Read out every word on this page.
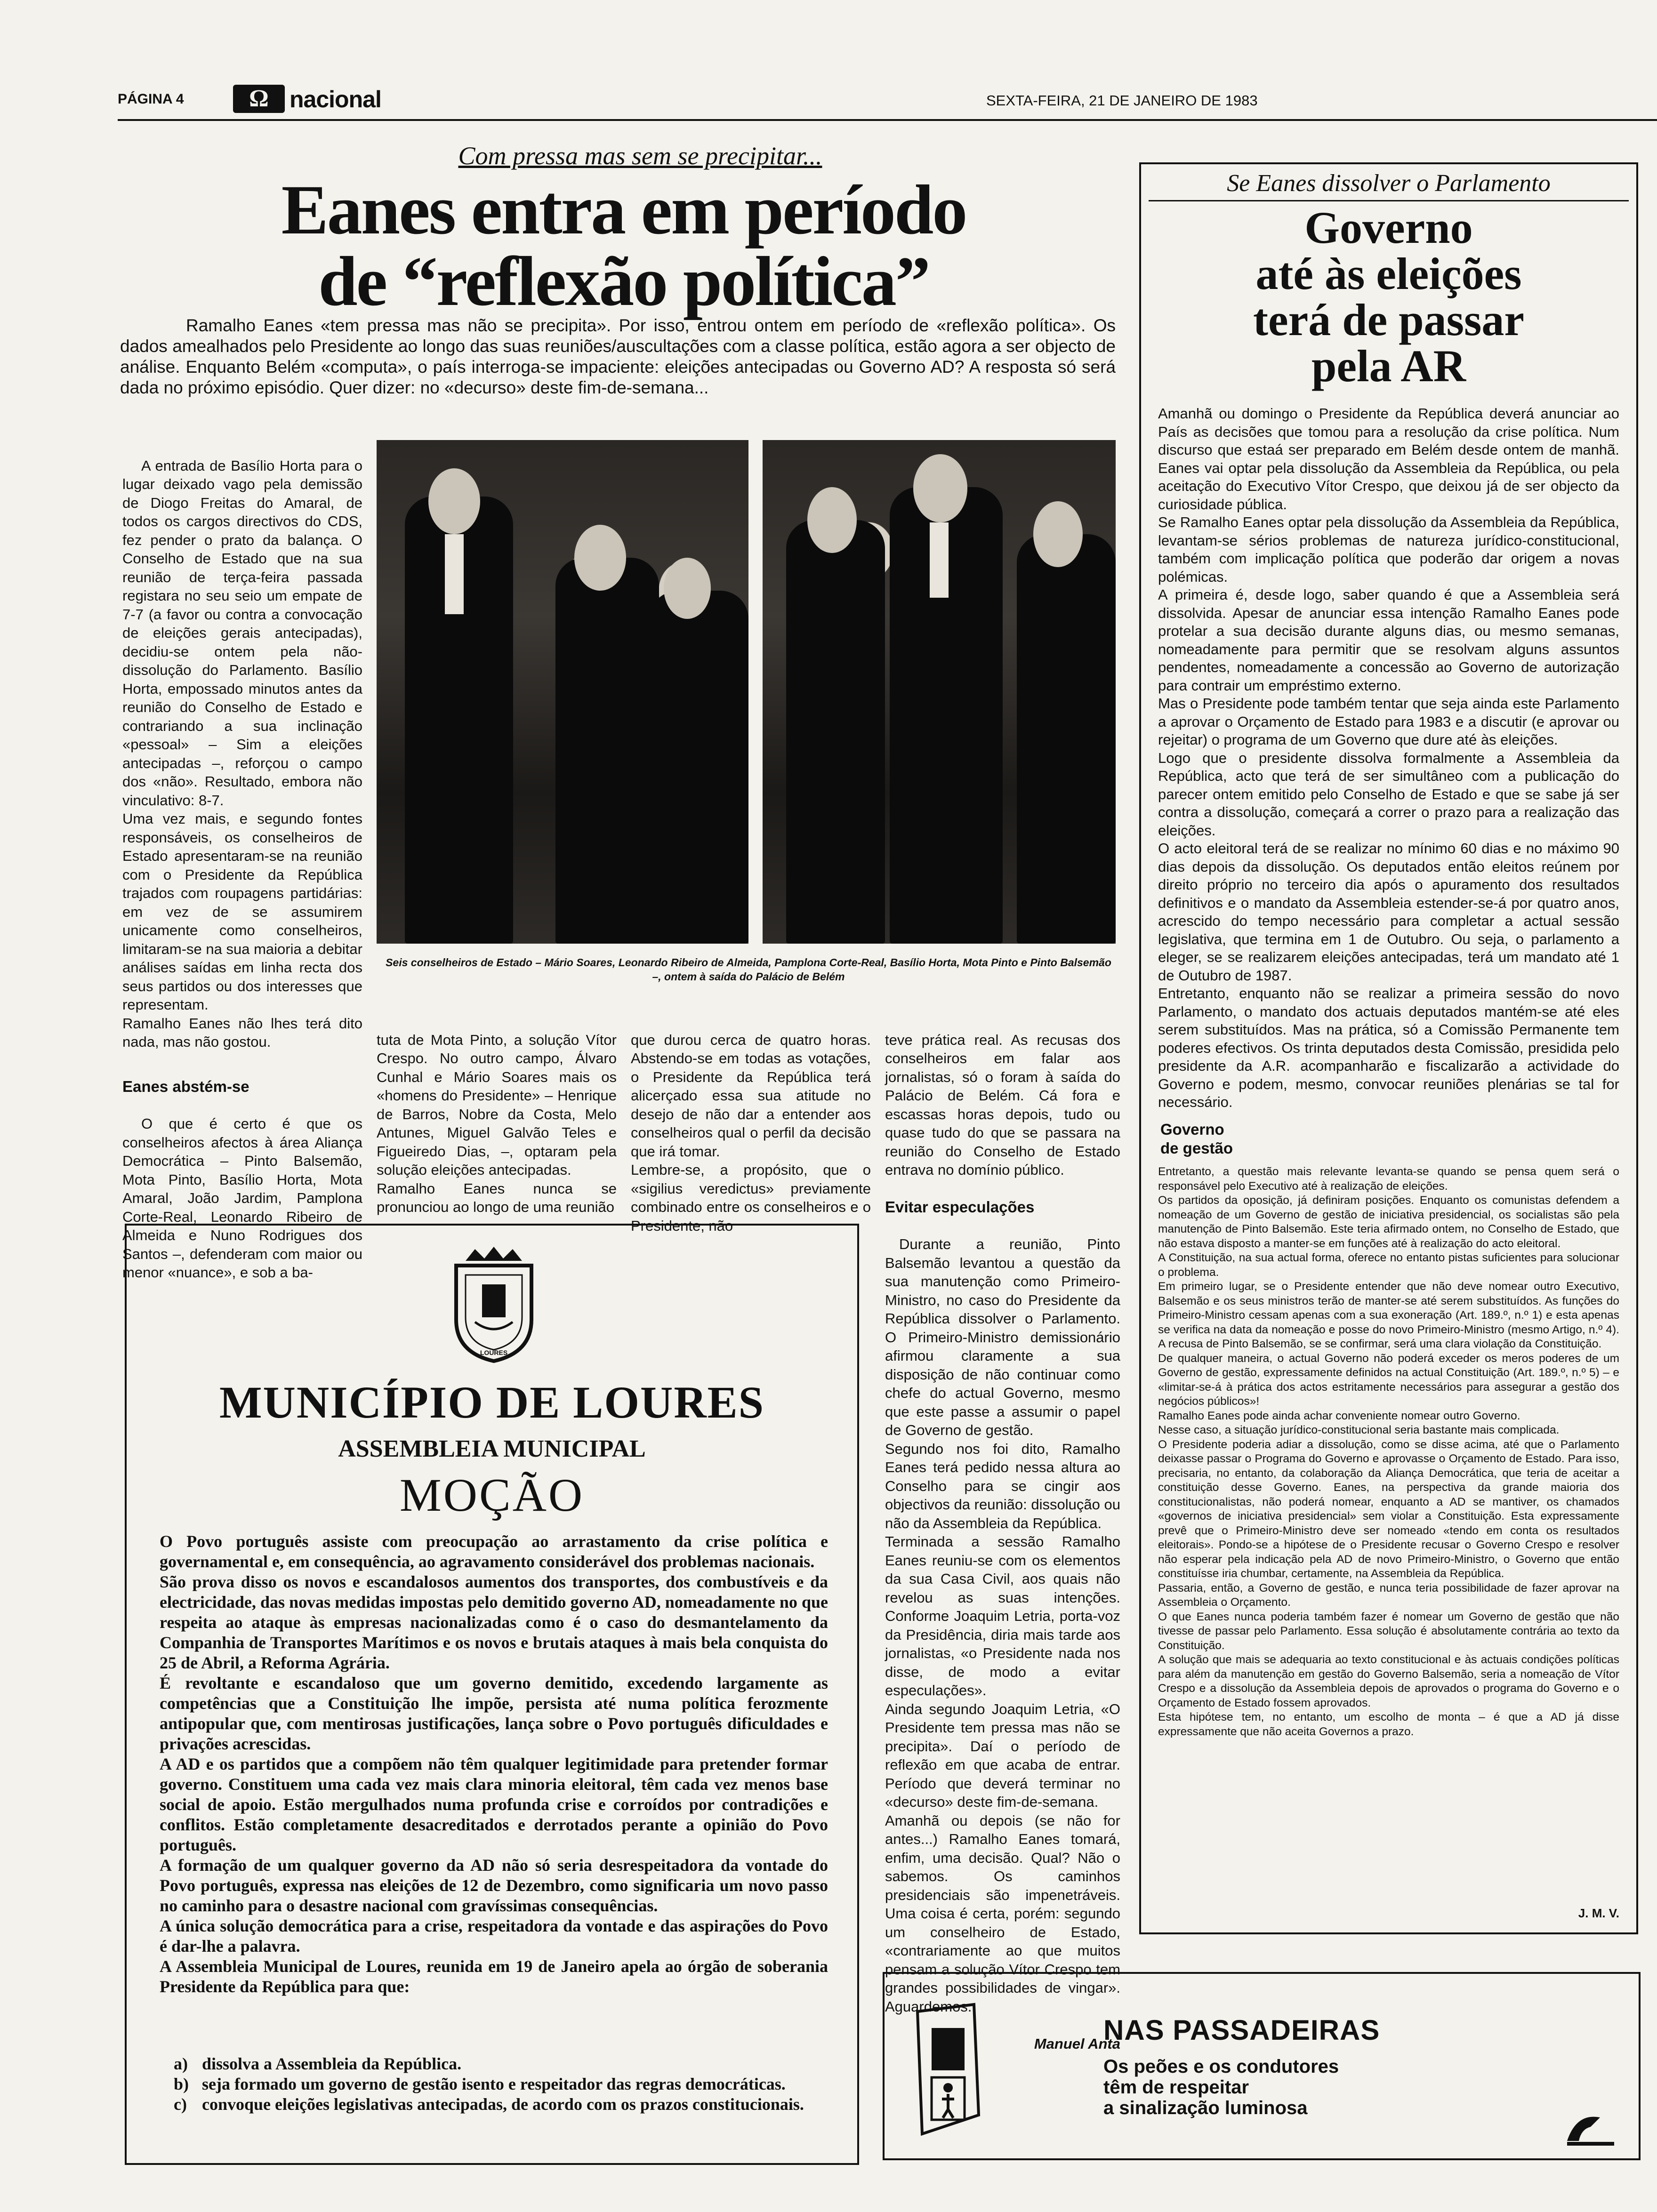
PÁGINA 4	Ω nacional	SEXTA-FEIRA, 21 DE JANEIRO DE 1983
Com pressa mas sem se precipitar...
Eanes entra em período
de “reflexão política”
Ramalho Eanes «tem pressa mas não se precipita». Por isso, entrou ontem em período de «reflexão política». Os dados amealhados pelo Presidente ao longo das suas reuniões/auscultações com a classe política, estão agora a ser objecto de análise. Enquanto Belém «computa», o país interroga-se impaciente: eleições antecipadas ou Governo AD? A resposta só será dada no próximo episódio. Quer dizer: no «decurso» deste fim-de-semana...

A entrada de Basílio Horta para o lugar deixado vago pela demissão de Diogo Freitas do Amaral, de todos os cargos directivos do CDS, fez pender o prato da balança. O Conselho de Estado que na sua reunião de terça-feira passada registara no seu seio um empate de 7-7 (a favor ou contra a convocação de eleições gerais antecipadas), decidiu-se ontem pela não-dissolução do Parlamento. Basílio Horta, empossado minutos antes da reunião do Conselho de Estado e contrariando a sua inclinação «pessoal» – Sim a eleições antecipadas –, reforçou o campo dos «não». Resultado, embora não vinculativo: 8-7.
Uma vez mais, e segundo fontes responsáveis, os conselheiros de Estado apresentaram-se na reunião com o Presidente da República trajados com roupagens partidárias: em vez de se assumirem unicamente como conselheiros, limitaram-se na sua maioria a debitar análises saídas em linha recta dos seus partidos ou dos interesses que representam.
Ramalho Eanes não lhes terá dito nada, mas não gostou.

Eanes abstém-se

O que é certo é que os conselheiros afectos à área Aliança Democrática – Pinto Balsemão, Mota Pinto, Basílio Horta, Mota Amaral, João Jardim, Pamplona Corte-Real, Leonardo Ribeiro de Almeida e Nuno Rodrigues dos Santos –, defenderam com maior ou menor «nuance», e sob a ba-

Seis conselheiros de Estado – Mário Soares, Leonardo Ribeiro de Almeida, Pamplona Corte-Real, Basílio Horta, Mota Pinto e Pinto Balsemão –, ontem à saída do Palácio de Belém

tuta de Mota Pinto, a solução Vítor Crespo. No outro campo, Álvaro Cunhal e Mário Soares mais os «homens do Presidente» – Henrique de Barros, Nobre da Costa, Melo Antunes, Miguel Galvão Teles e Figueiredo Dias, –, optaram pela solução eleições antecipadas.
Ramalho Eanes nunca se pronunciou ao longo de uma reunião

que durou cerca de quatro horas. Abstendo-se em todas as votações, o Presidente da República terá alicerçado essa sua atitude no desejo de não dar a entender aos conselheiros qual o perfil da decisão que irá tomar.
Lembre-se, a propósito, que o «sigilius veredictus» previamente combinado entre os conselheiros e o Presidente, não

teve prática real. As recusas dos conselheiros em falar aos jornalistas, só o foram à saída do Palácio de Belém. Cá fora e escassas horas depois, tudo ou quase tudo do que se passara na reunião do Conselho de Estado entrava no domínio público.

Evitar especulações

Durante a reunião, Pinto Balsemão levantou a questão da sua manutenção como Primeiro-Ministro, no caso do Presidente da República dissolver o Parlamento. O Primeiro-Ministro demissionário afirmou claramente a sua disposição de não continuar como chefe do actual Governo, mesmo que este passe a assumir o papel de Governo de gestão.
Segundo nos foi dito, Ramalho Eanes terá pedido nessa altura ao Conselho para se cingir aos objectivos da reunião: dissolução ou não da Assembleia da República.
Terminada a sessão Ramalho Eanes reuniu-se com os elementos da sua Casa Civil, aos quais não revelou as suas intenções. Conforme Joaquim Letria, porta-voz da Presidência, diria mais tarde aos jornalistas, «o Presidente nada nos disse, de modo a evitar especulações».
Ainda segundo Joaquim Letria, «O Presidente tem pressa mas não se precipita». Daí o período de reflexão em que acaba de entrar. Período que deverá terminar no «decurso» deste fim-de-semana.
Amanhã ou depois (se não for antes...) Ramalho Eanes tomará, enfim, uma decisão. Qual? Não o sabemos. Os caminhos presidenciais são impenetráveis. Uma coisa é certa, porém: segundo um conselheiro de Estado, «contrariamente ao que muitos pensam a solução Vítor Crespo tem grandes possibilidades de vingar». Aguardemos.

Manuel Anta

LOURES
MUNICÍPIO DE LOURES
ASSEMBLEIA MUNICIPAL
MOÇÃO
O Povo português assiste com preocupação ao arrastamento da crise política e governamental e, em consequência, ao agravamento considerável dos problemas nacionais.
São prova disso os novos e escandalosos aumentos dos transportes, dos combustíveis e da electricidade, das novas medidas impostas pelo demitido governo AD, nomeadamente no que respeita ao ataque às empresas nacionalizadas como é o caso do desmantelamento da Companhia de Transportes Marítimos e os novos e brutais ataques à mais bela conquista do 25 de Abril, a Reforma Agrária.
É revoltante e escandaloso que um governo demitido, excedendo largamente as competências que a Constituição lhe impõe, persista até numa política ferozmente antipopular que, com mentirosas justificações, lança sobre o Povo português dificuldades e privações acrescidas.
A AD e os partidos que a compõem não têm qualquer legitimidade para pretender formar governo. Constituem uma cada vez mais clara minoria eleitoral, têm cada vez menos base social de apoio. Estão mergulhados numa profunda crise e corroídos por contradições e conflitos. Estão completamente desacreditados e derrotados perante a opinião do Povo português.
A formação de um qualquer governo da AD não só seria desrespeitadora da vontade do Povo português, expressa nas eleições de 12 de Dezembro, como significaria um novo passo no caminho para o desastre nacional com gravíssimas consequências.
A única solução democrática para a crise, respeitadora da vontade e das aspirações do Povo é dar-lhe a palavra.
A Assembleia Municipal de Loures, reunida em 19 de Janeiro apela ao órgão de soberania Presidente da República para que:
a) dissolva a Assembleia da República.
b) seja formado um governo de gestão isento e respeitador das regras democráticas.
c) convoque eleições legislativas antecipadas, de acordo com os prazos constitucionais.
Se Eanes dissolver o Parlamento
Governo
até às eleições
terá de passar
pela AR
Amanhã ou domingo o Presidente da República deverá anunciar ao País as decisões que tomou para a resolução da crise política. Num discurso que estaá ser preparado em Belém desde ontem de manhã. Eanes vai optar pela dissolução da Assembleia da República, ou pela aceitação do Executivo Vítor Crespo, que deixou já de ser objecto da curiosidade pública.
Se Ramalho Eanes optar pela dissolução da Assembleia da República, levantam-se sérios problemas de natureza jurídico-constitucional, também com implicação política que poderão dar origem a novas polémicas.
A primeira é, desde logo, saber quando é que a Assembleia será dissolvida. Apesar de anunciar essa intenção Ramalho Eanes pode protelar a sua decisão durante alguns dias, ou mesmo semanas, nomeadamente para permitir que se resolvam alguns assuntos pendentes, nomeadamente a concessão ao Governo de autorização para contrair um empréstimo externo.
Mas o Presidente pode também tentar que seja ainda este Parlamento a aprovar o Orçamento de Estado para 1983 e a discutir (e aprovar ou rejeitar) o programa de um Governo que dure até às eleições.
Logo que o presidente dissolva formalmente a Assembleia da República, acto que terá de ser simultâneo com a publicação do parecer ontem emitido pelo Conselho de Estado e que se sabe já ser contra a dissolução, começará a correr o prazo para a realização das eleições.
O acto eleitoral terá de se realizar no mínimo 60 dias e no máximo 90 dias depois da dissolução. Os deputados então eleitos reúnem por direito próprio no terceiro dia após o apuramento dos resultados definitivos e o mandato da Assembleia estender-se-á por quatro anos, acrescido do tempo necessário para completar a actual sessão legislativa, que termina em 1 de Outubro. Ou seja, o parlamento a eleger, se se realizarem eleições antecipadas, terá um mandato até 1 de Outubro de 1987.
Entretanto, enquanto não se realizar a primeira sessão do novo Parlamento, o mandato dos actuais deputados mantém-se até eles serem substituídos. Mas na prática, só a Comissão Permanente tem poderes efectivos. Os trinta deputados desta Comissão, presidida pelo presidente da A.R. acompanharão e fiscalizarão a actividade do Governo e podem, mesmo, convocar reuniões plenárias se tal for necessário.
Governo
de gestão
Entretanto, a questão mais relevante levanta-se quando se pensa quem será o responsável pelo Executivo até à realização de eleições.
Os partidos da oposição, já definiram posições. Enquanto os comunistas defendem a nomeação de um Governo de gestão de iniciativa presidencial, os socialistas são pela manutenção de Pinto Balsemão. Este teria afirmado ontem, no Conselho de Estado, que não estava disposto a manter-se em funções até à realização do acto eleitoral.
A Constituição, na sua actual forma, oferece no entanto pistas suficientes para solucionar o problema.
Em primeiro lugar, se o Presidente entender que não deve nomear outro Executivo, Balsemão e os seus ministros terão de manter-se até serem substituídos. As funções do Primeiro-Ministro cessam apenas com a sua exoneração (Art. 189.º, n.º 1) e esta apenas se verifica na data da nomeação e posse do novo Primeiro-Ministro (mesmo Artigo, n.º 4). A recusa de Pinto Balsemão, se se confirmar, será uma clara violação da Constituição.
De qualquer maneira, o actual Governo não poderá exceder os meros poderes de um Governo de gestão, expressamente definidos na actual Constituição (Art. 189.º, n.º 5) – e «limitar-se-á à prática dos actos estritamente necessários para assegurar a gestão dos negócios públicos»!
Ramalho Eanes pode ainda achar conveniente nomear outro Governo.
Nesse caso, a situação jurídico-constitucional seria bastante mais complicada.
O Presidente poderia adiar a dissolução, como se disse acima, até que o Parlamento deixasse passar o Programa do Governo e aprovasse o Orçamento de Estado. Para isso, precisaria, no entanto, da colaboração da Aliança Democrática, que teria de aceitar a constituição desse Governo. Eanes, na perspectiva da grande maioria dos constitucionalistas, não poderá nomear, enquanto a AD se mantiver, os chamados «governos de iniciativa presidencial» sem violar a Constituição. Esta expressamente prevê que o Primeiro-Ministro deve ser nomeado «tendo em conta os resultados eleitorais». Pondo-se a hipótese de o Presidente recusar o Governo Crespo e resolver não esperar pela indicação pela AD de novo Primeiro-Ministro, o Governo que então constituísse iria chumbar, certamente, na Assembleia da República.
Passaria, então, a Governo de gestão, e nunca teria possibilidade de fazer aprovar na Assembleia o Orçamento.
O que Eanes nunca poderia também fazer é nomear um Governo de gestão que não tivesse de passar pelo Parlamento. Essa solução é absolutamente contrária ao texto da Constituição.
A solução que mais se adequaria ao texto constitucional e às actuais condições políticas para além da manutenção em gestão do Governo Balsemão, seria a nomeação de Vítor Crespo e a dissolução da Assembleia depois de aprovados o programa do Governo e o Orçamento de Estado fossem aprovados.
Esta hipótese tem, no entanto, um escolho de monta – é que a AD já disse expressamente que não aceita Governos a prazo.
J. M. V.
NAS PASSADEIRAS
Os peões e os condutores
têm de respeitar
a sinalização luminosa
